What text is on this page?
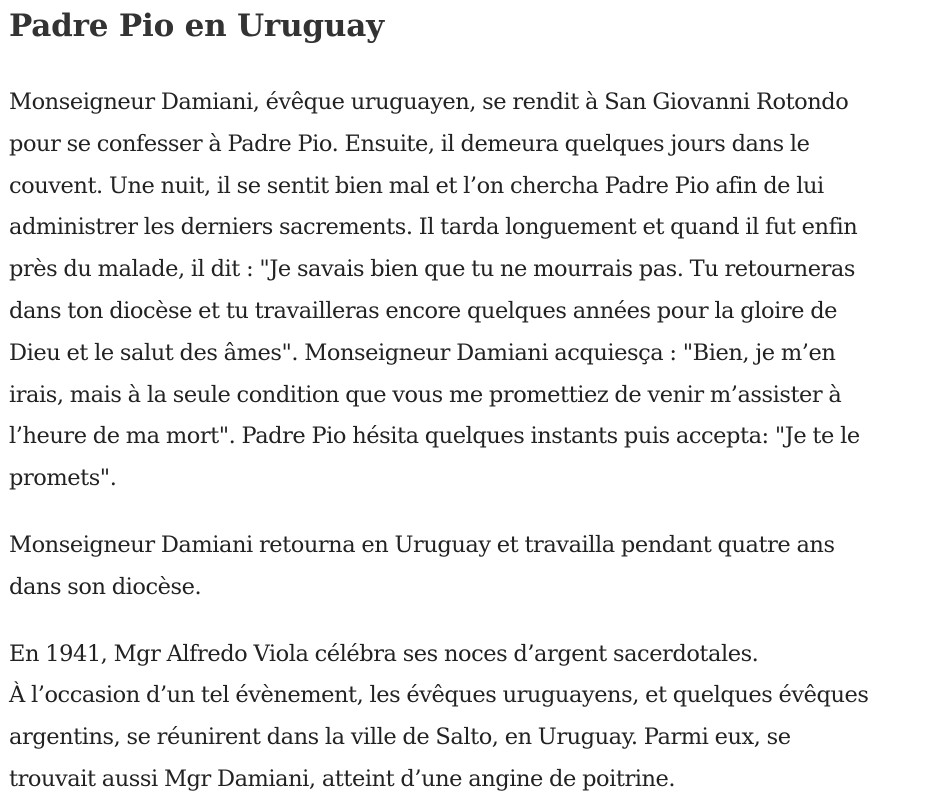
Padre Pio en Uruguay

Monseigneur Damiani, évêque uruguayen, se rendit à San Giovanni Rotondo
pour se confesser à Padre Pio. Ensuite, il demeura quelques jours dans le
couvent. Une nuit, il se sentit bien mal et l’on chercha Padre Pio afin de lui
administrer les derniers sacrements. Il tarda longuement et quand il fut enfin
près du malade, il dit : "Je savais bien que tu ne mourrais pas. Tu retourneras
dans ton diocèse et tu travailleras encore quelques années pour la gloire de
Dieu et le salut des âmes". Monseigneur Damiani acquiesça : "Bien, je m’en
irais, mais à la seule condition que vous me promettiez de venir m’assister à
l’heure de ma mort". Padre Pio hésita quelques instants puis accepta: "Je te le
promets".

Monseigneur Damiani retourna en Uruguay et travailla pendant quatre ans
dans son diocèse.

En 1941, Mgr Alfredo Viola célébra ses noces d’argent sacerdotales.
À l’occasion d’un tel évènement, les évêques uruguayens, et quelques évêques
argentins, se réunirent dans la ville de Salto, en Uruguay. Parmi eux, se
trouvait aussi Mgr Damiani, atteint d’une angine de poitrine.
